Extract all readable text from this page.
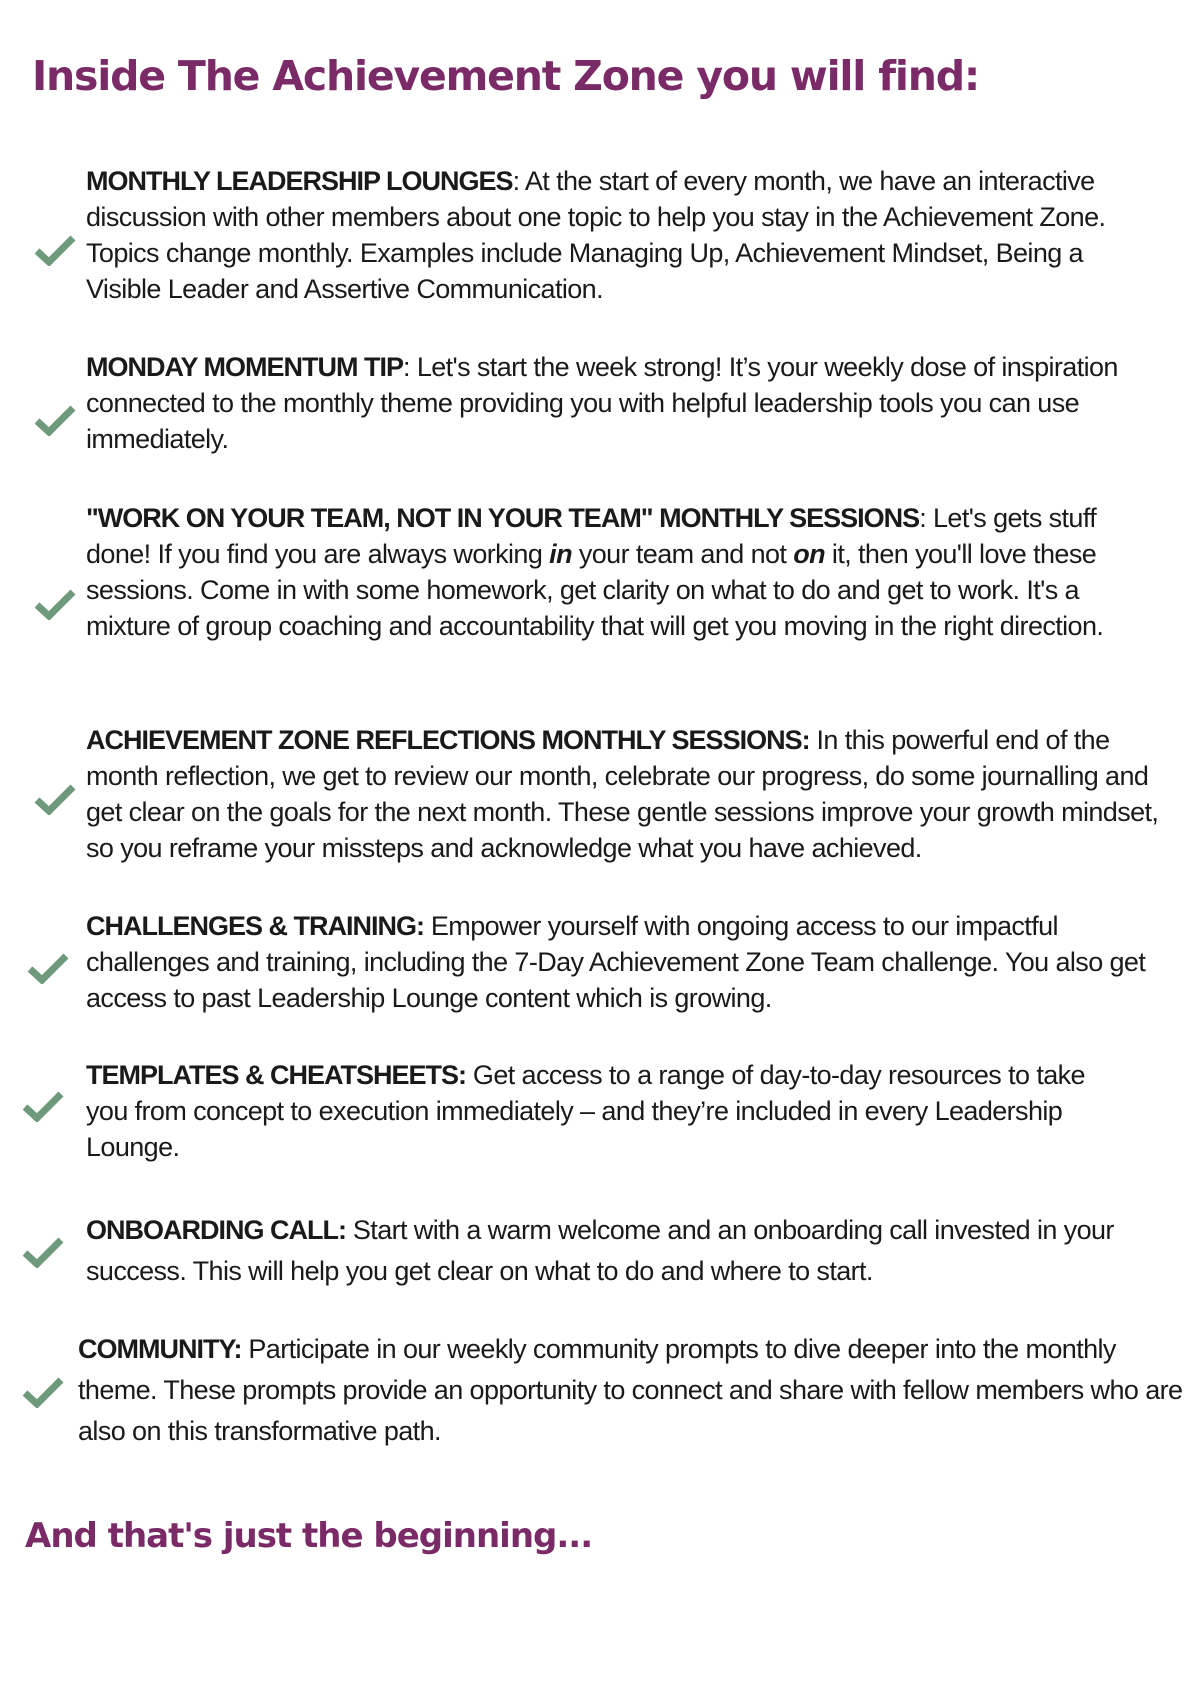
Inside The Achievement Zone you will find:

MONTHLY LEADERSHIP LOUNGES: At the start of every month, we have an interactive discussion with other members about one topic to help you stay in the Achievement Zone. Topics change monthly. Examples include Managing Up, Achievement Mindset, Being a Visible Leader and Assertive Communication.

MONDAY MOMENTUM TIP: Let's start the week strong! It’s your weekly dose of inspiration connected to the monthly theme providing you with helpful leadership tools you can use immediately.

"WORK ON YOUR TEAM, NOT IN YOUR TEAM" MONTHLY SESSIONS: Let's gets stuff done! If you find you are always working in your team and not on it, then you'll love these sessions. Come in with some homework, get clarity on what to do and get to work. It's a mixture of group coaching and accountability that will get you moving in the right direction.

ACHIEVEMENT ZONE REFLECTIONS MONTHLY SESSIONS: In this powerful end of the month reflection, we get to review our month, celebrate our progress, do some journalling and get clear on the goals for the next month. These gentle sessions improve your growth mindset, so you reframe your missteps and acknowledge what you have achieved.

CHALLENGES & TRAINING: Empower yourself with ongoing access to our impactful challenges and training, including the 7-Day Achievement Zone Team challenge. You also get access to past Leadership Lounge content which is growing.

TEMPLATES & CHEATSHEETS: Get access to a range of day-to-day resources to take you from concept to execution immediately – and they’re included in every Leadership Lounge.

ONBOARDING CALL: Start with a warm welcome and an onboarding call invested in your success. This will help you get clear on what to do and where to start.

COMMUNITY: Participate in our weekly community prompts to dive deeper into the monthly theme. These prompts provide an opportunity to connect and share with fellow members who are also on this transformative path.

And that's just the beginning...
